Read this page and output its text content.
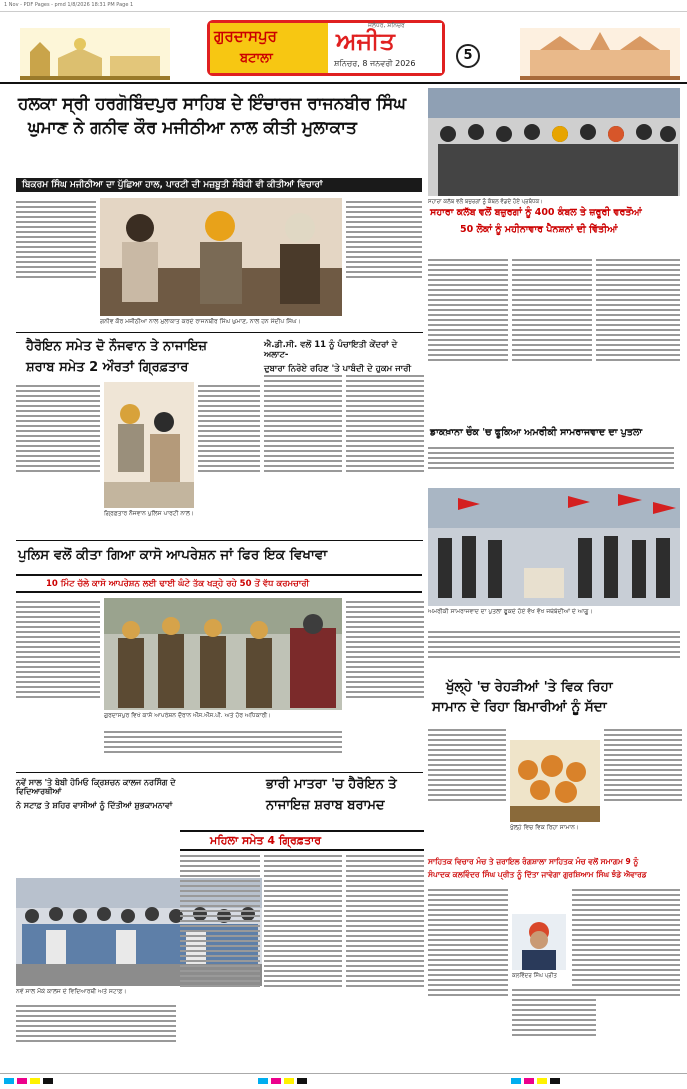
1 Nov - PDF Pages - pmd 1/8/2026 18:31 PM Page 1
ਗੁਰਦਾਸਪੁਰ
ਬਟਾਲਾ
ਜਲੰਧਰ, ਸ਼ਨਿਚਰ
ਅਜੀਤ
ਸ਼ਨਿਚਰ, 8 ਜਨਵਰੀ 2026
5
ਹਲਕਾ ਸ੍ਰੀ ਹਰਗੋਬਿੰਦਪੁਰ ਸਾਹਿਬ ਦੇ ਇੰਚਾਰਜ ਰਾਜਨਬੀਰ ਸਿੰਘ
ਘੁਮਾਣ ਨੇ ਗਨੀਵ ਕੌਰ ਮਜੀਠੀਆ ਨਾਲ ਕੀਤੀ ਮੁਲਾਕਾਤ
ਬਿਕਰਮ ਸਿੰਘ ਮਜੀਠੀਆ ਦਾ ਪੁੱਛਿਆ ਹਾਲ, ਪਾਰਟੀ ਦੀ ਮਜ਼ਬੂਤੀ ਸੰਬੰਧੀ ਵੀ ਕੀਤੀਆਂ ਵਿਚਾਰਾਂ
ਗਨੀਵ ਕੌਰ ਮਜੀਠੀਆ ਨਾਲ ਮੁਲਾਕਾਤ ਕਰਦੇ ਰਾਜਨਬੀਰ ਸਿੰਘ ਘੁਮਾਣ, ਨਾਲ ਹਨ ਸੰਦੀਪ ਸਿੰਘ।
ਹੈਰੋਇਨ ਸਮੇਤ ਦੋ ਨੌਜਵਾਨ ਤੇ ਨਾਜਾਇਜ਼
ਸ਼ਰਾਬ ਸਮੇਤ 2 ਔਰਤਾਂ ਗ੍ਰਿਫ਼ਤਾਰ
ਗ੍ਰਿਫ਼ਤਾਰ ਨੌਜਵਾਨ ਪੁਲਿਸ ਪਾਰਟੀ ਨਾਲ।
ਐ.ਡੀ.ਸੀ. ਵਲੋਂ 11 ਨੂੰ ਪੰਚਾਇਤੀ ਕੇਂਦਰਾਂ ਦੇ ਅਲਾਟ-
ਦੁਬਾਰਾ ਨਿਰੋਏ ਰਹਿਣ 'ਤੇ ਪਾਬੰਦੀ ਦੇ ਹੁਕਮ ਜਾਰੀ
ਸਹਾਰਾ ਕਲੱਬ ਵਲੋਂ ਬਜ਼ੁਰਗਾਂ ਨੂੰ ਕੰਬਲ ਵੰਡਦੇ ਹੋਏ ਪ੍ਰਬੰਧਕ।
ਸਹਾਰਾ ਕਲੱਬ ਵਲੋਂ ਬਜ਼ੁਰਗਾਂ ਨੂੰ 400 ਕੰਬਲ ਤੇ ਜ਼ਰੂਰੀ ਵਰਤੋਂਆਂ
50 ਲੋਕਾਂ ਨੂੰ ਮਹੀਨਾਵਾਰ ਪੈਨਸ਼ਨਾਂ ਦੀ ਵਿੱਤੀਆਂ
ਡਾਕਖ਼ਾਨਾ ਚੌਕ 'ਚ ਫੂਕਿਆ ਅਮਰੀਕੀ ਸਾਮਰਾਜਵਾਦ ਦਾ ਪੁਤਲਾ
ਅਮਰੀਕੀ ਸਾਮਰਾਜਵਾਦ ਦਾ ਪੁਤਲਾ ਫੂਕਦੇ ਹੋਏ ਵੱਖ ਵੱਖ ਜਥੇਬੰਦੀਆਂ ਦੇ ਆਗੂ।
ਪੁਲਿਸ ਵਲੋਂ ਕੀਤਾ ਗਿਆ ਕਾਸੋ ਆਪਰੇਸ਼ਨ ਜਾਂ ਫਿਰ ਇਕ ਵਿਖਾਵਾ
10 ਮਿੰਟ ਚੱਲੇ ਕਾਸੋ ਆਪਰੇਸ਼ਨ ਲਈ ਢਾਈ ਘੰਟੇ ਤੱਕ ਖੜ੍ਹੇ ਰਹੇ 50 ਤੋਂ ਵੱਧ ਕਰਮਚਾਰੀ
ਗੁਰਦਾਸਪੁਰ ਵਿਖੇ ਕਾਸੋ ਆਪਰੇਸ਼ਨ ਦੌਰਾਨ ਐੱਸ.ਐੱਸ.ਪੀ. ਅਤੇ ਹੋਰ ਅਧਿਕਾਰੀ।
ਖੁੱਲ੍ਹੇ 'ਚ ਰੇਹੜੀਆਂ 'ਤੇ ਵਿਕ ਰਿਹਾ
ਸਾਮਾਨ ਦੇ ਰਿਹਾ ਬਿਮਾਰੀਆਂ ਨੂੰ ਸੱਦਾ
ਖੁੱਲ੍ਹੇ ਵਿਚ ਵਿਕ ਰਿਹਾ ਸਾਮਾਨ।
ਨਵੇਂ ਸਾਲ 'ਤੇ ਬੇਬੀ ਹੋਮਿਓ ਕ੍ਰਿਸ਼ਚਨ ਕਾਲਜ ਨਰਸਿੰਗ ਦੇ ਵਿਦਿਆਰਥੀਆਂ
ਨੇ ਸਟਾਫ਼ ਤੇ ਸ਼ਹਿਰ ਵਾਸੀਆਂ ਨੂੰ ਦਿੱਤੀਆਂ ਸ਼ੁਭਕਾਮਨਾਵਾਂ
ਨਵੇਂ ਸਾਲ ਮੌਕੇ ਕਾਲਜ ਦੇ ਵਿਦਿਆਰਥੀ ਅਤੇ ਸਟਾਫ਼।
ਭਾਰੀ ਮਾਤਰਾ 'ਚ ਹੈਰੋਇਨ ਤੇ
ਨਾਜਾਇਜ਼ ਸ਼ਰਾਬ ਬਰਾਮਦ
ਮਹਿਲਾ ਸਮੇਤ 4 ਗ੍ਰਿਫ਼ਤਾਰ
ਸਾਹਿਤਕ ਵਿਚਾਰ ਮੰਚ ਤੇ ਜ਼ਰਾਇਲ ਰੰਗਸ਼ਾਲਾ ਸਾਹਿਤਕ ਮੰਚ ਵਲੋਂ ਸਮਾਗਮ 9 ਨੂੰ
ਸੰਪਾਦਕ ਕਲਵਿੰਦਰ ਸਿੰਘ ਪ੍ਰੀਤ ਨੂੰ ਦਿੱਤਾ ਜਾਵੇਗਾ ਗੁਰਸ਼ਿਆਮ ਸਿੰਘ ਝੰਡੇ ਐਵਾਰਡ
ਕਲਵਿੰਦਰ ਸਿੰਘ ਪ੍ਰੀਤ
